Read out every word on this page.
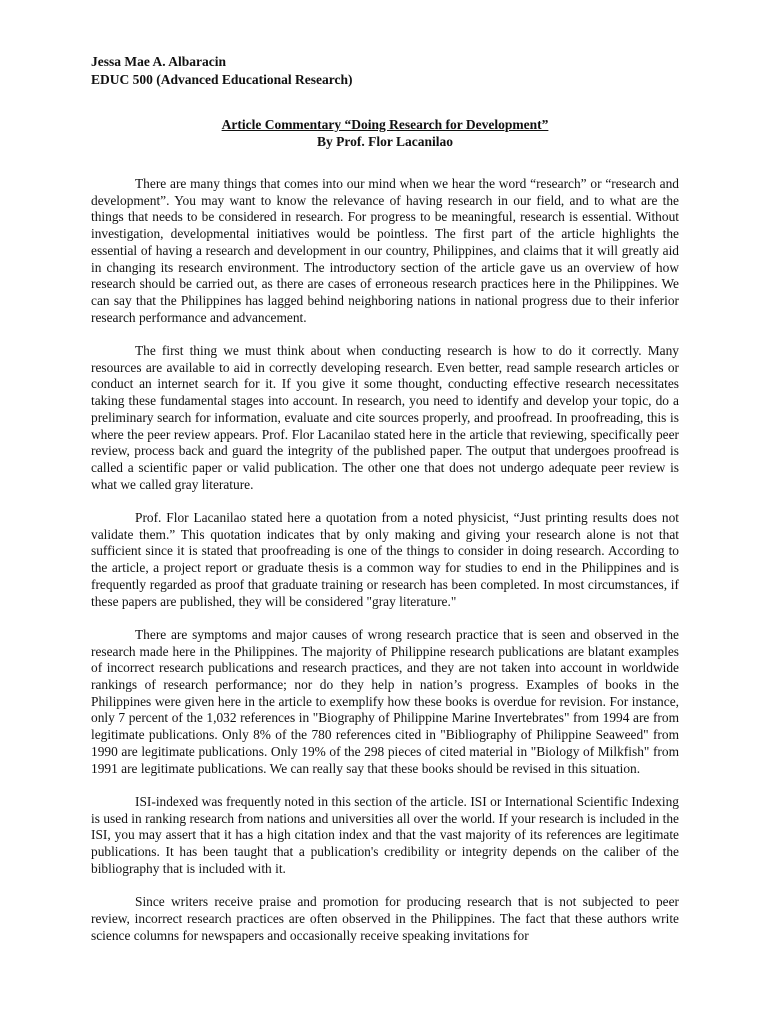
Jessa Mae A. Albaracin
EDUC 500 (Advanced Educational Research)
Article Commentary “Doing Research for Development”
By Prof. Flor Lacanilao

There are many things that comes into our mind when we hear the word “research” or “research and development”. You may want to know the relevance of having research in our field, and to what are the things that needs to be considered in research. For progress to be meaningful, research is essential. Without investigation, developmental initiatives would be pointless. The first part of the article highlights the essential of having a research and development in our country, Philippines, and claims that it will greatly aid in changing its research environment. The introductory section of the article gave us an overview of how research should be carried out, as there are cases of erroneous research practices here in the Philippines. We can say that the Philippines has lagged behind neighboring nations in national progress due to their inferior research performance and advancement.

The first thing we must think about when conducting research is how to do it correctly. Many resources are available to aid in correctly developing research. Even better, read sample research articles or conduct an internet search for it. If you give it some thought, conducting effective research necessitates taking these fundamental stages into account. In research, you need to identify and develop your topic, do a preliminary search for information, evaluate and cite sources properly, and proofread. In proofreading, this is where the peer review appears. Prof. Flor Lacanilao stated here in the article that reviewing, specifically peer review, process back and guard the integrity of the published paper. The output that undergoes proofread is called a scientific paper or valid publication. The other one that does not undergo adequate peer review is what we called gray literature.

Prof. Flor Lacanilao stated here a quotation from a noted physicist, “Just printing results does not validate them.” This quotation indicates that by only making and giving your research alone is not that sufficient since it is stated that proofreading is one of the things to consider in doing research. According to the article, a project report or graduate thesis is a common way for studies to end in the Philippines and is frequently regarded as proof that graduate training or research has been completed. In most circumstances, if these papers are published, they will be considered "gray literature."

There are symptoms and major causes of wrong research practice that is seen and observed in the research made here in the Philippines. The majority of Philippine research publications are blatant examples of incorrect research publications and research practices, and they are not taken into account in worldwide rankings of research performance; nor do they help in nation’s progress. Examples of books in the Philippines were given here in the article to exemplify how these books is overdue for revision. For instance, only 7 percent of the 1,032 references in "Biography of Philippine Marine Invertebrates" from 1994 are from legitimate publications. Only 8% of the 780 references cited in "Bibliography of Philippine Seaweed" from 1990 are legitimate publications. Only 19% of the 298 pieces of cited material in "Biology of Milkfish" from 1991 are legitimate publications. We can really say that these books should be revised in this situation.

ISI-indexed was frequently noted in this section of the article. ISI or International Scientific Indexing is used in ranking research from nations and universities all over the world. If your research is included in the ISI, you may assert that it has a high citation index and that the vast majority of its references are legitimate publications. It has been taught that a publication's credibility or integrity depends on the caliber of the bibliography that is included with it.

Since writers receive praise and promotion for producing research that is not subjected to peer review, incorrect research practices are often observed in the Philippines. The fact that these authors write science columns for newspapers and occasionally receive speaking invitations for
